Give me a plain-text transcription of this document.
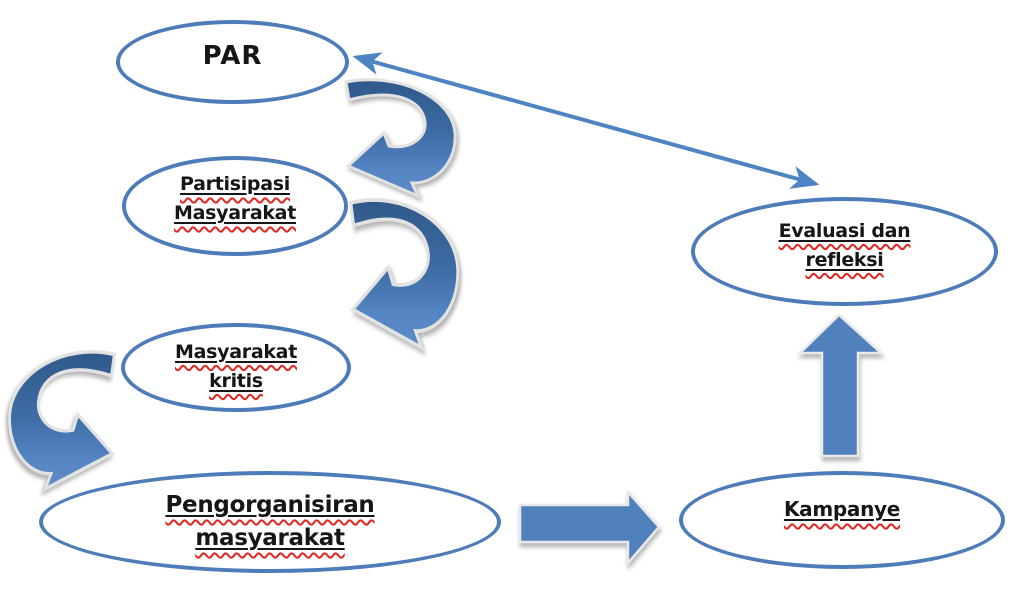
PAR
Partisipasi
Masyarakat
Masyarakat
kritis
Pengorganisiran
masyarakat
Kampanye
Evaluasi dan
refleksi
